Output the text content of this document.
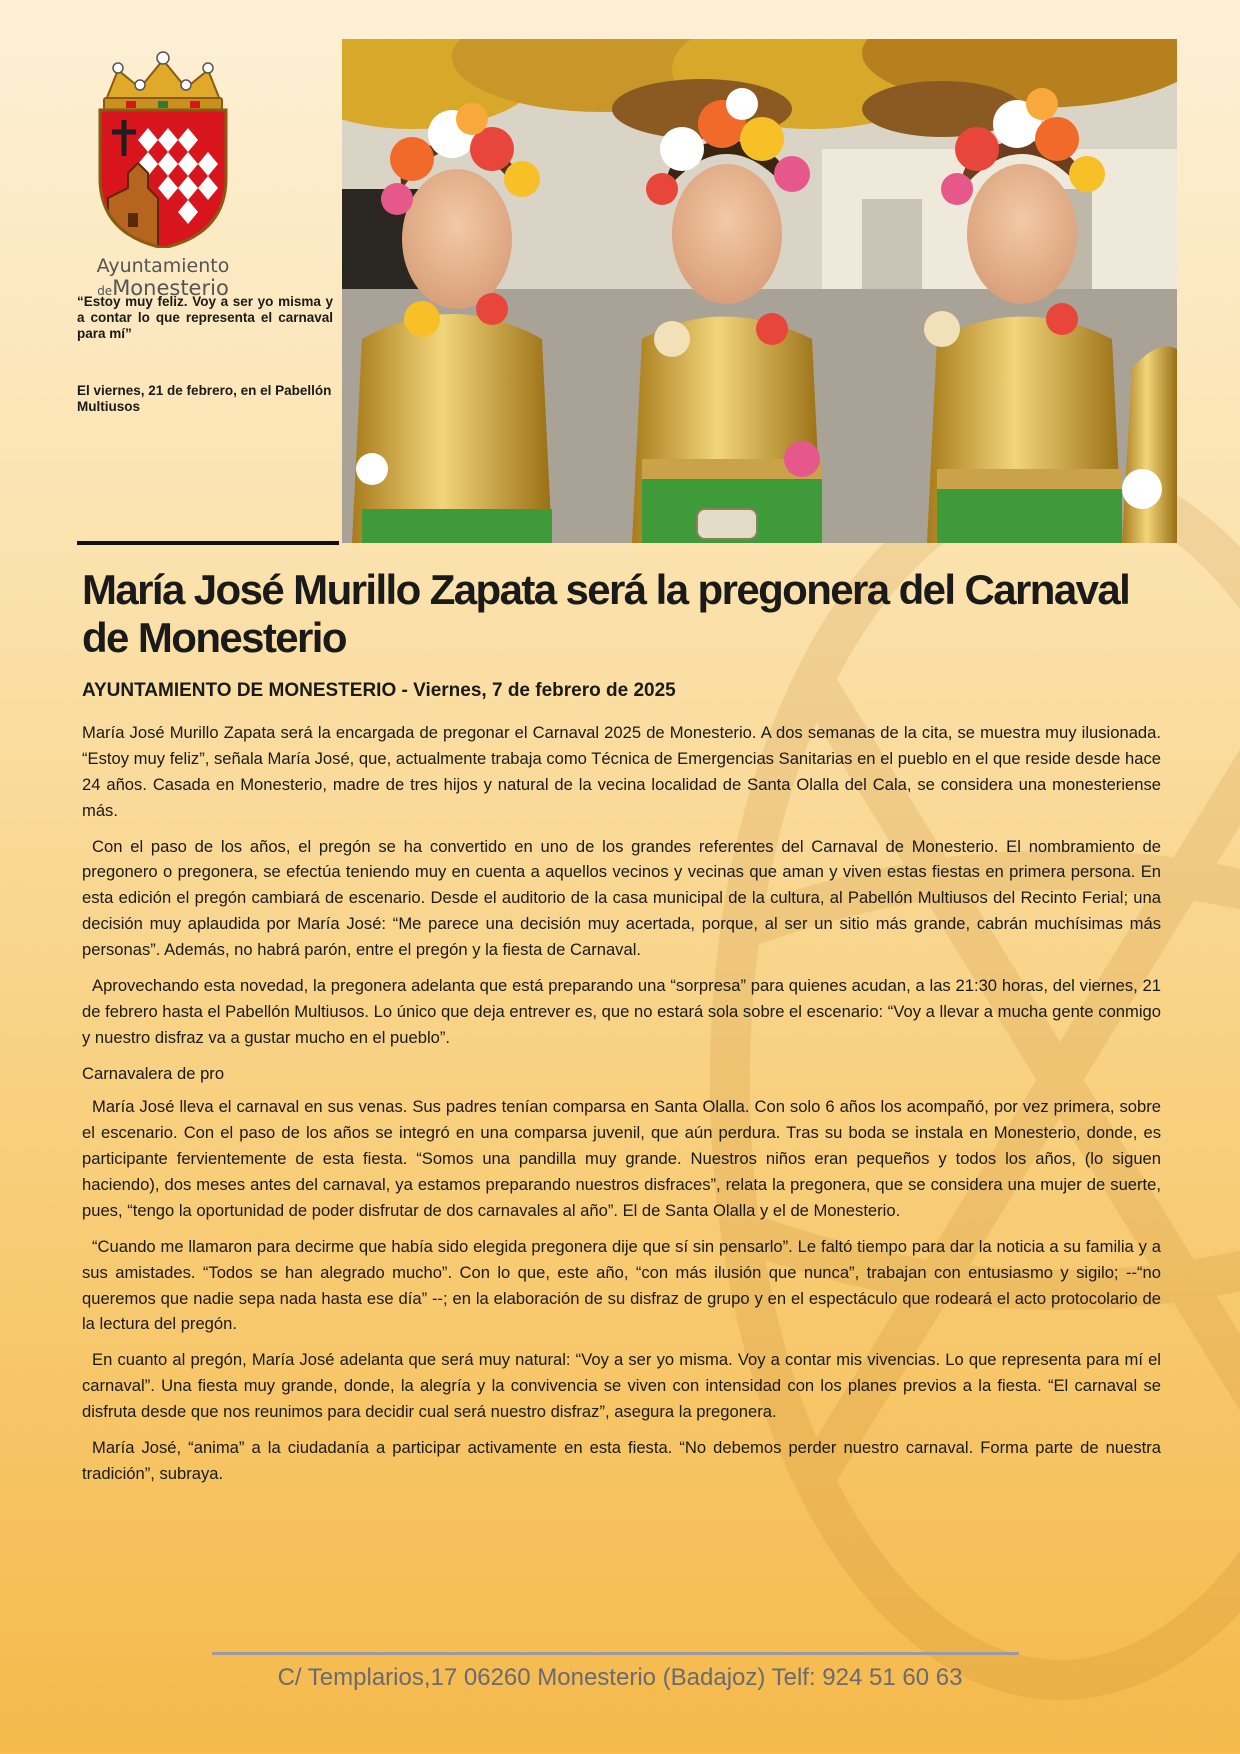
Ayuntamiento
deMonesterio

“Estoy muy feliz. Voy a ser yo misma y a contar lo que representa el carnaval para mí”

El viernes, 21 de febrero, en el Pabellón Multiusos

María José Murillo Zapata será la pregonera del Carnaval de Monesterio

AYUNTAMIENTO DE MONESTERIO - Viernes, 7 de febrero de 2025

María José Murillo Zapata será la encargada de pregonar el Carnaval 2025 de Monesterio. A dos semanas de la cita, se muestra muy ilusionada. “Estoy muy feliz”, señala María José, que, actualmente trabaja como Técnica de Emergencias Sanitarias en el pueblo en el que reside desde hace 24 años. Casada en Monesterio, madre de tres hijos y natural de la vecina localidad de Santa Olalla del Cala, se considera una monesteriense más.

Con el paso de los años, el pregón se ha convertido en uno de los grandes referentes del Carnaval de Monesterio. El nombramiento de pregonero o pregonera, se efectúa teniendo muy en cuenta a aquellos vecinos y vecinas que aman y viven estas fiestas en primera persona. En esta edición el pregón cambiará de escenario. Desde el auditorio de la casa municipal de la cultura, al Pabellón Multiusos del Recinto Ferial; una decisión muy aplaudida por María José: “Me parece una decisión muy acertada, porque, al ser un sitio más grande, cabrán muchísimas más personas”. Además, no habrá parón, entre el pregón y la fiesta de Carnaval.

Aprovechando esta novedad, la pregonera adelanta que está preparando una “sorpresa” para quienes acudan, a las 21:30 horas, del viernes, 21 de febrero hasta el Pabellón Multiusos. Lo único que deja entrever es, que no estará sola sobre el escenario: “Voy a llevar a mucha gente conmigo y nuestro disfraz va a gustar mucho en el pueblo”.

Carnavalera de pro

María José lleva el carnaval en sus venas. Sus padres tenían comparsa en Santa Olalla. Con solo 6 años los acompañó, por vez primera, sobre el escenario. Con el paso de los años se integró en una comparsa juvenil, que aún perdura. Tras su boda se instala en Monesterio, donde, es participante fervientemente de esta fiesta. “Somos una pandilla muy grande. Nuestros niños eran pequeños y todos los años, (lo siguen haciendo), dos meses antes del carnaval, ya estamos preparando nuestros disfraces”, relata la pregonera, que se considera una mujer de suerte, pues, “tengo la oportunidad de poder disfrutar de dos carnavales al año”. El de Santa Olalla y el de Monesterio.

“Cuando me llamaron para decirme que había sido elegida pregonera dije que sí sin pensarlo”. Le faltó tiempo para dar la noticia a su familia y a sus amistades. “Todos se han alegrado mucho”. Con lo que, este año, “con más ilusión que nunca”, trabajan con entusiasmo y sigilo; --“no queremos que nadie sepa nada hasta ese día” --; en la elaboración de su disfraz de grupo y en el espectáculo que rodeará el acto protocolario de la lectura del pregón.

En cuanto al pregón, María José adelanta que será muy natural: “Voy a ser yo misma. Voy a contar mis vivencias. Lo que representa para mí el carnaval”. Una fiesta muy grande, donde, la alegría y la convivencia se viven con intensidad con los planes previos a la fiesta. “El carnaval se disfruta desde que nos reunimos para decidir cual será nuestro disfraz”, asegura la pregonera.

María José, “anima” a la ciudadanía a participar activamente en esta fiesta. “No debemos perder nuestro carnaval. Forma parte de nuestra tradición”, subraya.

C/ Templarios,17 06260 Monesterio (Badajoz) Telf: 924 51 60 63
